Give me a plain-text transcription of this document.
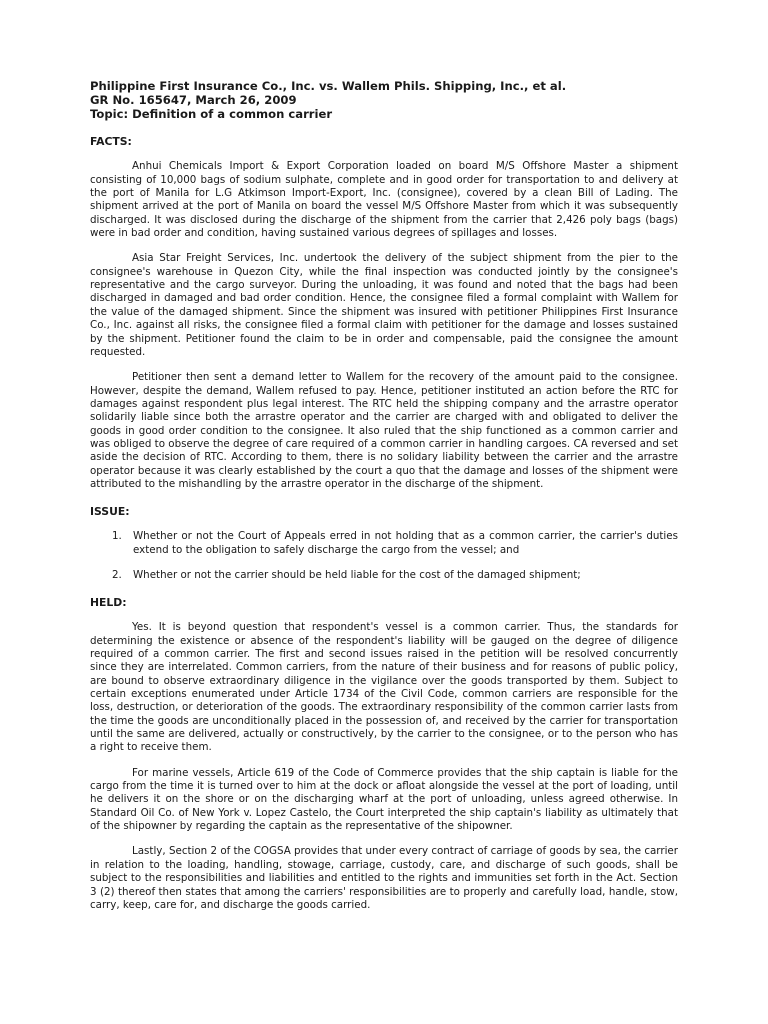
Philippine First Insurance Co., Inc. vs. Wallem Phils. Shipping, Inc., et al.

GR No. 165647, March 26, 2009

Topic: Definition of a common carrier

FACTS:

Anhui Chemicals Import & Export Corporation loaded on board M/S Offshore Master a shipment consisting of 10,000 bags of sodium sulphate, complete and in good order for transportation to and delivery at the port of Manila for L.G Atkimson Import-Export, Inc. (consignee), covered by a clean Bill of Lading. The shipment arrived at the port of Manila on board the vessel M/S Offshore Master from which it was subsequently discharged. It was disclosed during the discharge of the shipment from the carrier that 2,426 poly bags (bags) were in bad order and condition, having sustained various degrees of spillages and losses.

Asia Star Freight Services, Inc. undertook the delivery of the subject shipment from the pier to the consignee's warehouse in Quezon City, while the final inspection was conducted jointly by the consignee's representative and the cargo surveyor. During the unloading, it was found and noted that the bags had been discharged in damaged and bad order condition. Hence, the consignee filed a formal complaint with Wallem for the value of the damaged shipment. Since the shipment was insured with petitioner Philippines First Insurance Co., Inc. against all risks, the consignee filed a formal claim with petitioner for the damage and losses sustained by the shipment. Petitioner found the claim to be in order and compensable, paid the consignee the amount requested.

Petitioner then sent a demand letter to Wallem for the recovery of the amount paid to the consignee. However, despite the demand, Wallem refused to pay. Hence, petitioner instituted an action before the RTC for damages against respondent plus legal interest. The RTC held the shipping company and the arrastre operator solidarily liable since both the arrastre operator and the carrier are charged with and obligated to deliver the goods in good order condition to the consignee. It also ruled that the ship functioned as a common carrier and was obliged to observe the degree of care required of a common carrier in handling cargoes. CA reversed and set aside the decision of RTC. According to them, there is no solidary liability between the carrier and the arrastre operator because it was clearly established by the court a quo that the damage and losses of the shipment were attributed to the mishandling by the arrastre operator in the discharge of the shipment.

ISSUE:

1. Whether or not the Court of Appeals erred in not holding that as a common carrier, the carrier's duties extend to the obligation to safely discharge the cargo from the vessel; and
2. Whether or not the carrier should be held liable for the cost of the damaged shipment;

HELD:

Yes. It is beyond question that respondent's vessel is a common carrier. Thus, the standards for determining the existence or absence of the respondent's liability will be gauged on the degree of diligence required of a common carrier. The first and second issues raised in the petition will be resolved concurrently since they are interrelated. Common carriers, from the nature of their business and for reasons of public policy, are bound to observe extraordinary diligence in the vigilance over the goods transported by them. Subject to certain exceptions enumerated under Article 1734 of the Civil Code, common carriers are responsible for the loss, destruction, or deterioration of the goods. The extraordinary responsibility of the common carrier lasts from the time the goods are unconditionally placed in the possession of, and received by the carrier for transportation until the same are delivered, actually or constructively, by the carrier to the consignee, or to the person who has a right to receive them.

For marine vessels, Article 619 of the Code of Commerce provides that the ship captain is liable for the cargo from the time it is turned over to him at the dock or afloat alongside the vessel at the port of loading, until he delivers it on the shore or on the discharging wharf at the port of unloading, unless agreed otherwise. In Standard Oil Co. of New York v. Lopez Castelo, the Court interpreted the ship captain's liability as ultimately that of the shipowner by regarding the captain as the representative of the shipowner.

Lastly, Section 2 of the COGSA provides that under every contract of carriage of goods by sea, the carrier in relation to the loading, handling, stowage, carriage, custody, care, and discharge of such goods, shall be subject to the responsibilities and liabilities and entitled to the rights and immunities set forth in the Act. Section 3 (2) thereof then states that among the carriers' responsibilities are to properly and carefully load, handle, stow, carry, keep, care for, and discharge the goods carried.
